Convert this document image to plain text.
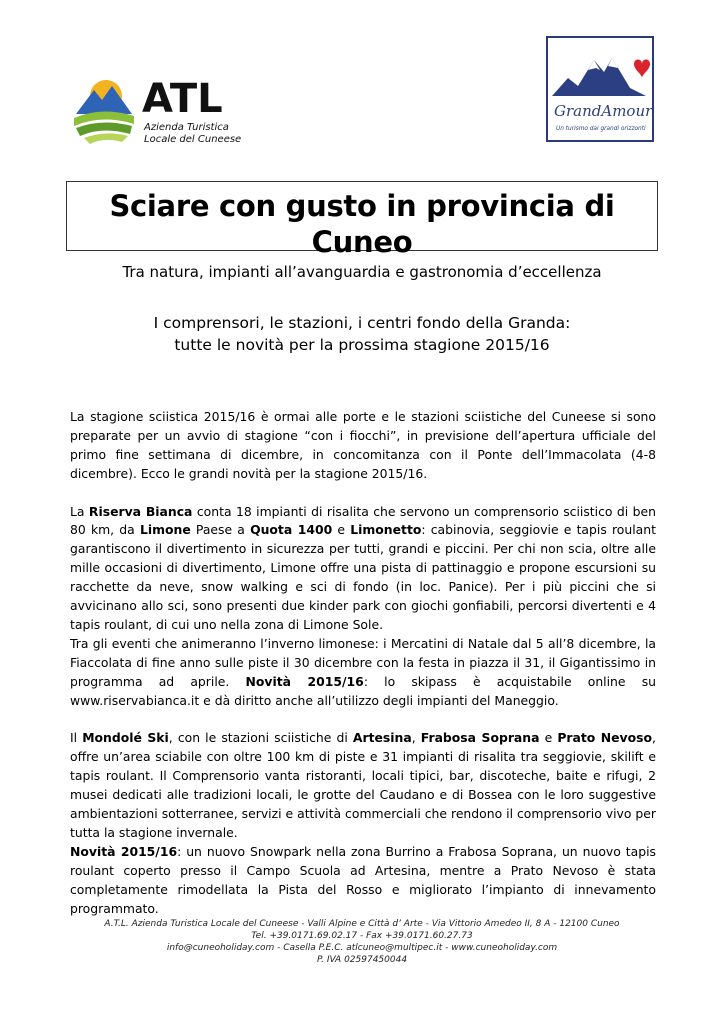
ATL
Azienda Turistica
Locale del Cuneese
GrandAmour
Un turismo dai grandi orizzonti
Sciare con gusto in provincia di Cuneo
Tra natura, impianti all’avanguardia e gastronomia d’eccellenza
I comprensori, le stazioni, i centri fondo della Granda:
tutte le novità per la prossima stagione 2015/16

La stagione sciistica 2015/16 è ormai alle porte e le stazioni sciistiche del Cuneese si sono preparate per un avvio di stagione “con i fiocchi”, in previsione dell’apertura ufficiale del primo fine settimana di dicembre, in concomitanza con il Ponte dell’Immacolata (4-8 dicembre). Ecco le grandi novità per la stagione 2015/16.

La Riserva Bianca conta 18 impianti di risalita che servono un comprensorio sciistico di ben 80 km, da Limone Paese a Quota 1400 e Limonetto: cabinovia, seggiovie e tapis roulant garantiscono il divertimento in sicurezza per tutti, grandi e piccini. Per chi non scia, oltre alle mille occasioni di divertimento, Limone offre una pista di pattinaggio e propone escursioni su racchette da neve, snow walking e sci di fondo (in loc. Panice). Per i più piccini che si avvicinano allo sci, sono presenti due kinder park con giochi gonfiabili, percorsi divertenti e 4 tapis roulant, di cui uno nella zona di Limone Sole.

Tra gli eventi che animeranno l’inverno limonese: i Mercatini di Natale dal 5 all’8 dicembre, la Fiaccolata di fine anno sulle piste il 30 dicembre con la festa in piazza il 31, il Gigantissimo in programma ad aprile. Novità 2015/16: lo skipass è acquistabile online su www.riservabianca.it e dà diritto anche all’utilizzo degli impianti del Maneggio.

Il Mondolé Ski, con le stazioni sciistiche di Artesina, Frabosa Soprana e Prato Nevoso, offre un’area sciabile con oltre 100 km di piste e 31 impianti di risalita tra seggiovie, skilift e tapis roulant. Il Comprensorio vanta ristoranti, locali tipici, bar, discoteche, baite e rifugi, 2 musei dedicati alle tradizioni locali, le grotte del Caudano e di Bossea con le loro suggestive ambientazioni sotterranee, servizi e attività commerciali che rendono il comprensorio vivo per tutta la stagione invernale.

Novità 2015/16: un nuovo Snowpark nella zona Burrino a Frabosa Soprana, un nuovo tapis roulant coperto presso il Campo Scuola ad Artesina, mentre a Prato Nevoso è stata completamente rimodellata la Pista del Rosso e migliorato l’impianto di innevamento programmato.

A.T.L. Azienda Turistica Locale del Cuneese - Valli Alpine e Città d’ Arte - Via Vittorio Amedeo II, 8 A - 12100 Cuneo
Tel. +39.0171.69.02.17 - Fax +39.0171.60.27.73
info@cuneoholiday.com - Casella P.E.C. atlcuneo@multipec.it - www.cuneoholiday.com
P. IVA 02597450044
